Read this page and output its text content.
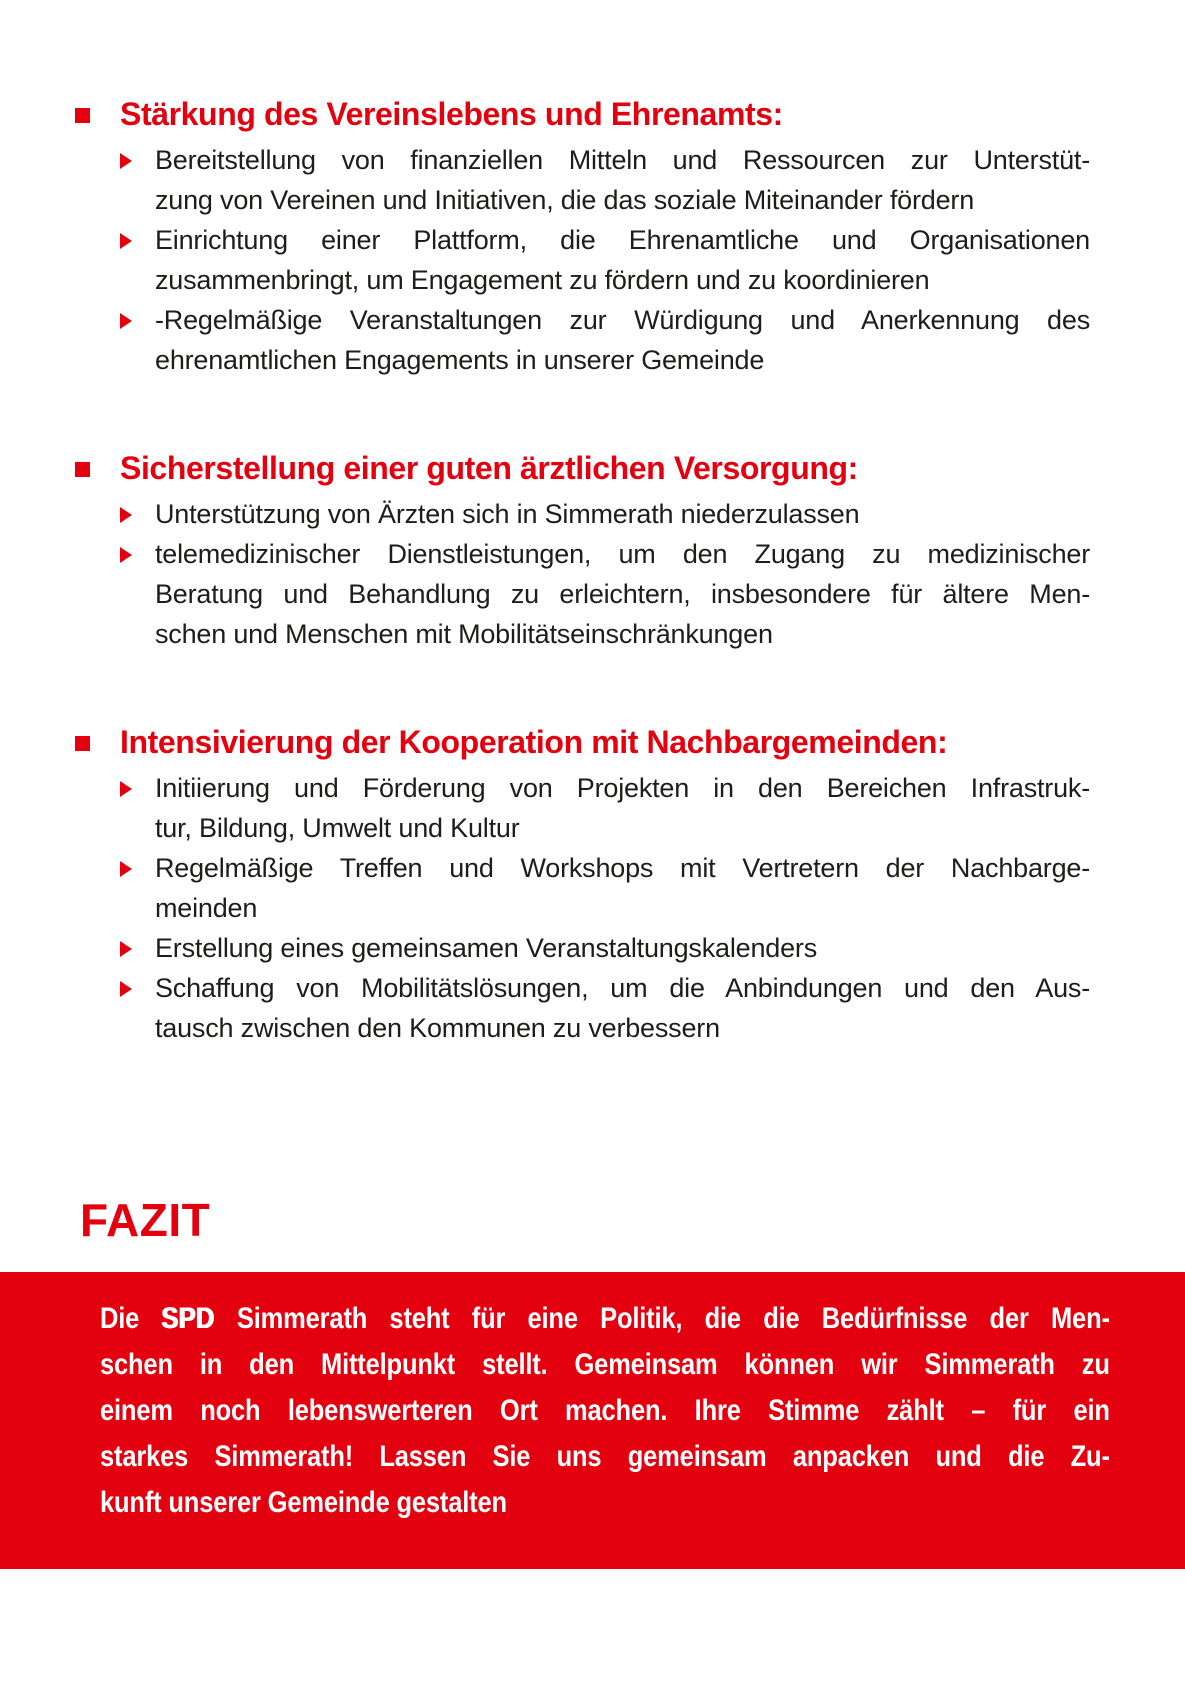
Stärkung des Vereinslebens und Ehrenamts:
Bereitstellung von finanziellen Mitteln und Ressourcen zur Unterstüt-
zung von Vereinen und Initiativen, die das soziale Miteinander fördern
Einrichtung einer Plattform, die Ehrenamtliche und Organisationen
zusammenbringt, um Engagement zu fördern und zu koordinieren
-Regelmäßige Veranstaltungen zur Würdigung und Anerkennung des
ehrenamtlichen Engagements in unserer Gemeinde
Sicherstellung einer guten ärztlichen Versorgung:
Unterstützung von Ärzten sich in Simmerath niederzulassen
telemedizinischer Dienstleistungen, um den Zugang zu medizinischer
Beratung und Behandlung zu erleichtern, insbesondere für ältere Men-
schen und Menschen mit Mobilitätseinschränkungen
Intensivierung der Kooperation mit Nachbargemeinden:
Initiierung und Förderung von Projekten in den Bereichen Infrastruk-
tur, Bildung, Umwelt und Kultur
Regelmäßige Treffen und Workshops mit Vertretern der Nachbarge-
meinden
Erstellung eines gemeinsamen Veranstaltungskalenders
Schaffung von Mobilitätslösungen, um die Anbindungen und den Aus-
tausch zwischen den Kommunen zu verbessern
FAZIT
Die SPD Simmerath steht für eine Politik, die die Bedürfnisse der Men-
schen in den Mittelpunkt stellt. Gemeinsam können wir Simmerath zu
einem noch lebenswerteren Ort machen. Ihre Stimme zählt – für ein
starkes Simmerath! Lassen Sie uns gemeinsam anpacken und die Zu-
kunft unserer Gemeinde gestalten
